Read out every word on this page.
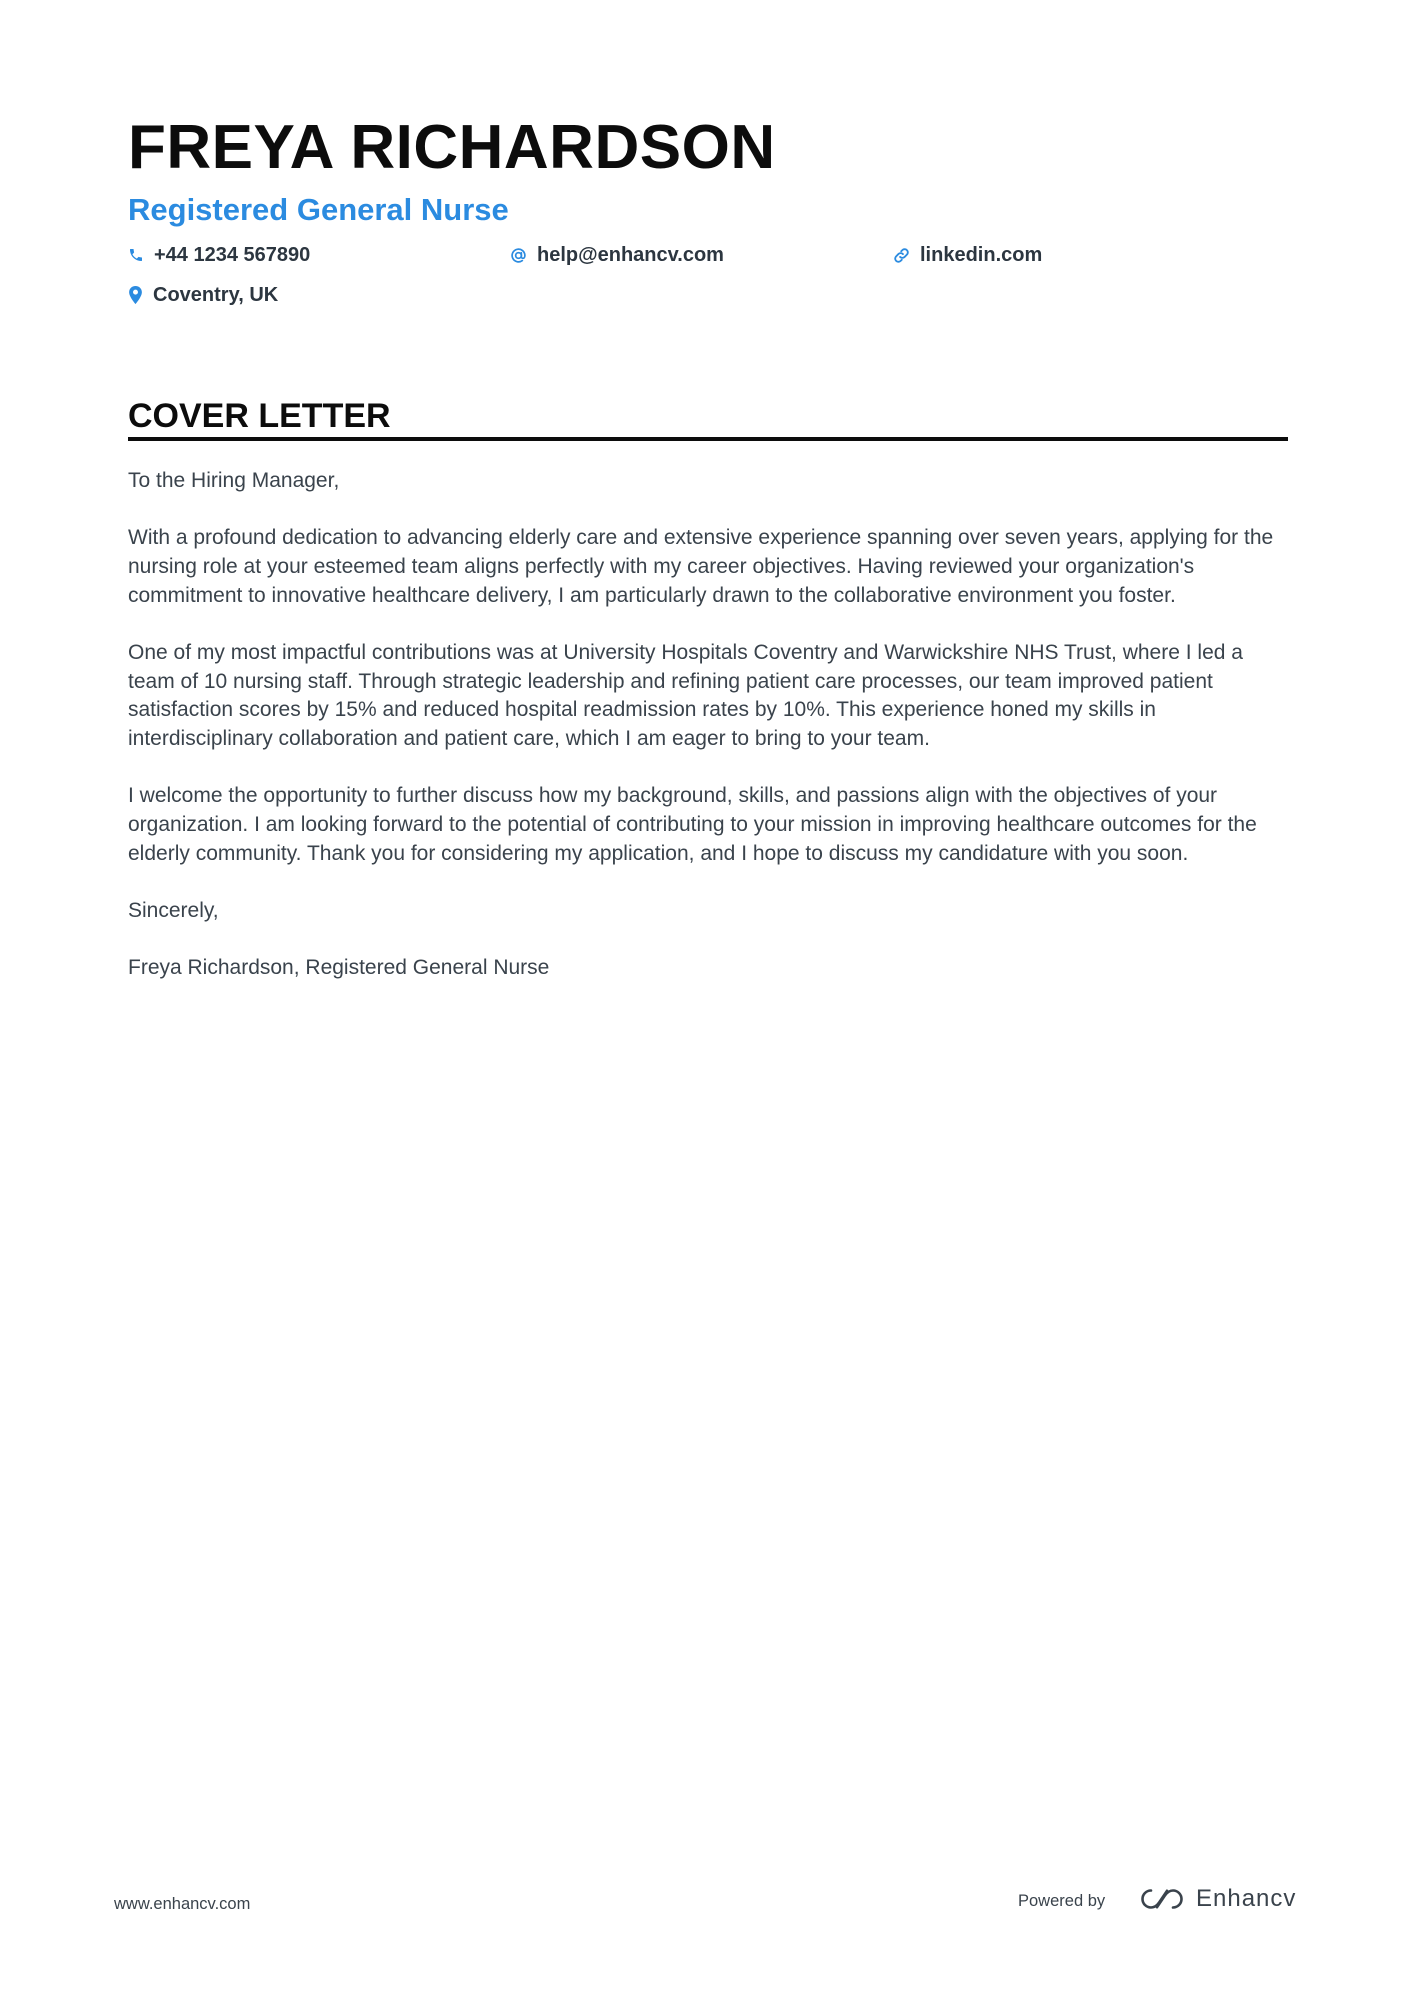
FREYA RICHARDSON
Registered General Nurse
+44 1234 567890	help@enhancv.com	linkedin.com
Coventry, UK
COVER LETTER

To the Hiring Manager,

With a profound dedication to advancing elderly care and extensive experience spanning over seven years, applying for the nursing role at your esteemed team aligns perfectly with my career objectives. Having reviewed your organization's commitment to innovative healthcare delivery, I am particularly drawn to the collaborative environment you foster.

One of my most impactful contributions was at University Hospitals Coventry and Warwickshire NHS Trust, where I led a team of 10 nursing staff. Through strategic leadership and refining patient care processes, our team improved patient satisfaction scores by 15% and reduced hospital readmission rates by 10%. This experience honed my skills in interdisciplinary collaboration and patient care, which I am eager to bring to your team.

I welcome the opportunity to further discuss how my background, skills, and passions align with the objectives of your organization. I am looking forward to the potential of contributing to your mission in improving healthcare outcomes for the elderly community. Thank you for considering my application, and I hope to discuss my candidature with you soon.

Sincerely,

Freya Richardson, Registered General Nurse

www.enhancv.com	Powered by	Enhancv
